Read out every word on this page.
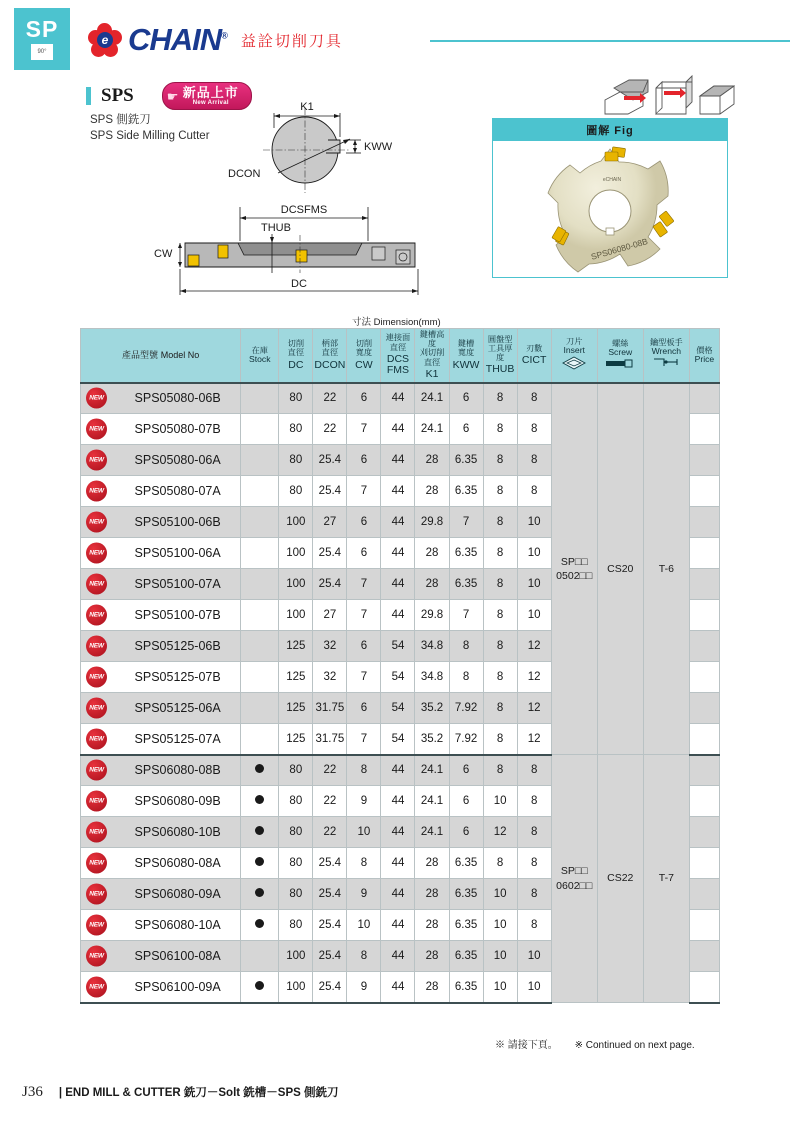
SP
90°
e CHAIN® 益詮切削刀具
SPS	☛ 新品上市
New Arrival
SPS 側銑刀
SPS Side Milling Cutter
K1
KWW
DCON
DCSFMS
THUB
CW
DC
圖解 Fig
eCHAIN
SPS06080-08B
寸法 Dimension(mm)
產品型號 Model No	在庫
Stock	切削
直徑
DC	柄部
直徑
DCON	切削
寬度
CW	連接面
直徑
DCS
FMS	鍵槽高度
刈切削直徑
K1	鍵槽
寬度
KWW	圓盤型
工具厚度
THUB	刃數
CICT	刀片
Insert	螺絲
Screw	鑰型板手
Wrench	價格
Price

NEW SPS05080-06B		80	22	6	44	24.1	6	8	8	SP□□
0502□□	CS20	T-6	

NEW SPS05080-07B		80	22	7	44	24.1	6	8	8				

NEW SPS05080-06A		80	25.4	6	44	28	6.35	8	8				

NEW SPS05080-07A		80	25.4	7	44	28	6.35	8	8				

NEW SPS05100-06B		100	27	6	44	29.8	7	8	10				

NEW SPS05100-06A		100	25.4	6	44	28	6.35	8	10				

NEW SPS05100-07A		100	25.4	7	44	28	6.35	8	10				

NEW SPS05100-07B		100	27	7	44	29.8	7	8	10				

NEW SPS05125-06B		125	32	6	54	34.8	8	8	12				

NEW SPS05125-07B		125	32	7	54	34.8	8	8	12				

NEW SPS05125-06A		125	31.75	6	54	35.2	7.92	8	12				

NEW SPS05125-07A		125	31.75	7	54	35.2	7.92	8	12				

NEW SPS06080-08B		80	22	8	44	24.1	6	8	8	SP□□
0602□□	CS22	T-7	

NEW SPS06080-09B		80	22	9	44	24.1	6	10	8				

NEW SPS06080-10B		80	22	10	44	24.1	6	12	8				

NEW SPS06080-08A		80	25.4	8	44	28	6.35	8	8				

NEW SPS06080-09A		80	25.4	9	44	28	6.35	10	8				

NEW SPS06080-10A		80	25.4	10	44	28	6.35	10	8				

NEW SPS06100-08A		100	25.4	8	44	28	6.35	10	10				

NEW SPS06100-09A		100	25.4	9	44	28	6.35	10	10				
※ 請接下頁。 ※ Continued on next page.
J36 | END MILL & CUTTER 銑刀－Solt 銑槽－SPS 側銑刀
